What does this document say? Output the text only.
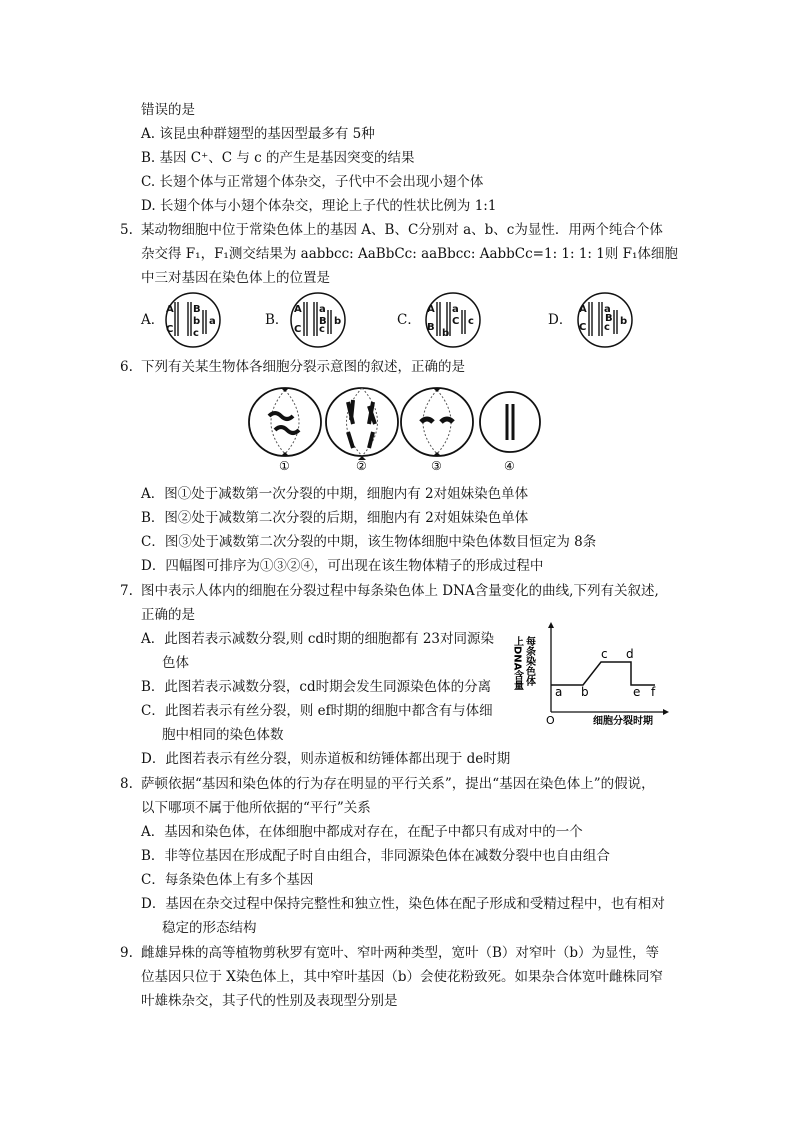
错误的是
A. 该昆虫种群翅型的基因型最多有 5种
B. 基因 C⁺、C 与 c 的产生是基因突变的结果
C. 长翅个体与正常翅个体杂交，子代中不会出现小翅个体
D. 长翅个体与小翅个体杂交，理论上子代的性状比例为 1:1
5. 某动物细胞中位于常染色体上的基因 A、B、C分别对 a、b、c为显性．用两个纯合个体
杂交得 F₁，F₁测交结果为 aabbcc: AaBbCc: aaBbcc: AabbCc=1: 1: 1: 1则 F₁体细胞
中三对基因在染色体上的位置是
A．	B．	C．	D．
A B
b
C c
a
A
C
a
c
B b
A a
B
C
b
c
A a
C c
B b
6. 下列有关某生物体各细胞分裂示意图的叙述，正确的是
①	②	③	④
A．图①处于减数第一次分裂的中期，细胞内有 2对姐妹染色单体
B．图②处于减数第二次分裂的后期，细胞内有 2对姐妹染色单体
C．图③处于减数第二次分裂的中期，该生物体细胞中染色体数目恒定为 8条
D．四幅图可排序为①③②④，可出现在该生物体精子的形成过程中
7. 图中表示人体内的细胞在分裂过程中每条染色体上 DNA含量变化的曲线,下列有关叙述,
正确的是
A．此图若表示减数分裂,则 cd时期的细胞都有 23对同源染
色体
B．此图若表示减数分裂，cd时期会发生同源染色体的分离
C．此图若表示有丝分裂，则 ef时期的细胞中都含有与体细
胞中相同的染色体数
D．此图若表示有丝分裂，则赤道板和纺锤体都出现于 de时期
每条染色体
上DNA含量
O
a b
c d
e f
细胞分裂时期
8. 萨顿依据“基因和染色体的行为存在明显的平行关系”，提出“基因在染色体上”的假说，
以下哪项不属于他所依据的“平行”关系
A．基因和染色体，在体细胞中都成对存在，在配子中都只有成对中的一个
B．非等位基因在形成配子时自由组合，非同源染色体在减数分裂中也自由组合
C．每条染色体上有多个基因
D．基因在杂交过程中保持完整性和独立性，染色体在配子形成和受精过程中，也有相对
稳定的形态结构
9. 雌雄异株的高等植物剪秋罗有宽叶、窄叶两种类型，宽叶（B）对窄叶（b）为显性，等
位基因只位于 X染色体上，其中窄叶基因（b）会使花粉致死。如果杂合体宽叶雌株同窄
叶雄株杂交，其子代的性别及表现型分别是
